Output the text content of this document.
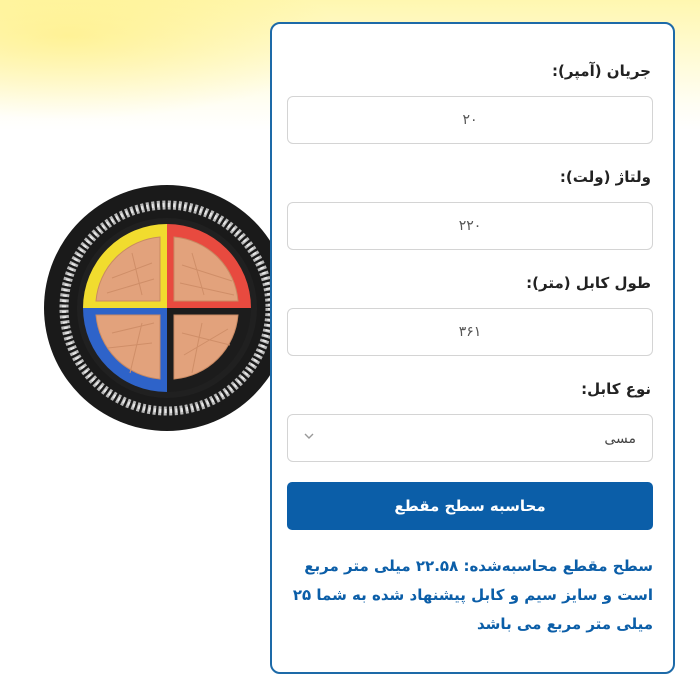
جریان (آمپر):
۲۰
ولتاژ (ولت):
۲۲۰
طول کابل (متر):
۳۶۱
نوع کابل:
مسی
محاسبه سطح مقطع

سطح مقطع محاسبه‌شده: ۲۲.۵۸ میلی متر مربع است و سایز سیم و کابل پیشنهاد شده به شما ۲۵ میلی متر مربع می باشد
